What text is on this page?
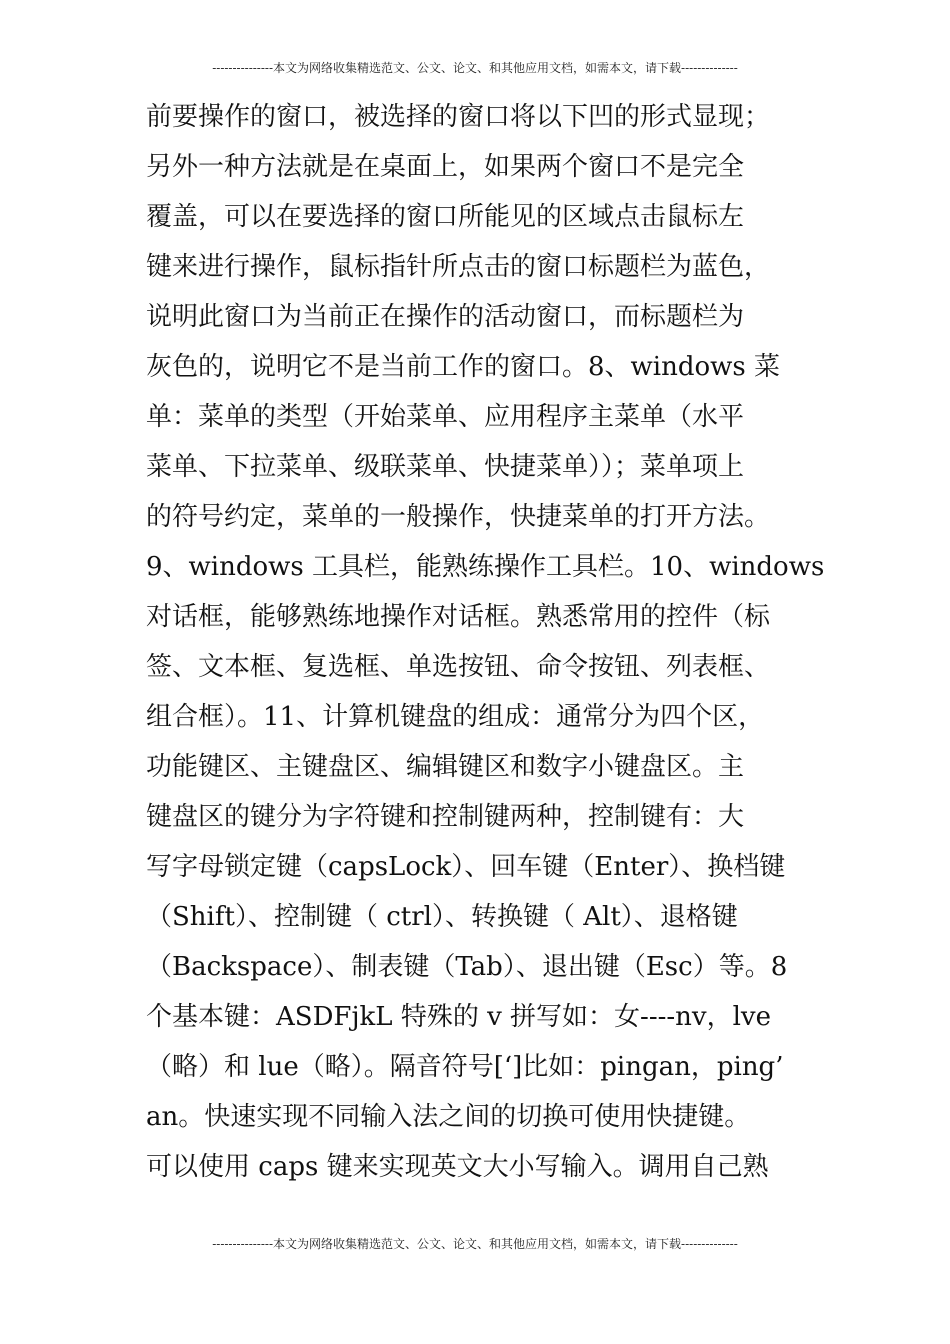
---------------本文为网络收集精选范文、公文、论文、和其他应用文档，如需本文，请下载--------------
前要操作的窗口，被选择的窗口将以下凹的形式显现；
另外一种方法就是在桌面上，如果两个窗口不是完全
覆盖，可以在要选择的窗口所能见的区域点击鼠标左
键来进行操作，鼠标指针所点击的窗口标题栏为蓝色，
说明此窗口为当前正在操作的活动窗口，而标题栏为
灰色的，说明它不是当前工作的窗口。8、windows 菜
单：菜单的类型（开始菜单、应用程序主菜单（水平
菜单、下拉菜单、级联菜单、快捷菜单））；菜单项上
的符号约定，菜单的一般操作，快捷菜单的打开方法。
9、windows 工具栏，能熟练操作工具栏。10、windows
对话框，能够熟练地操作对话框。熟悉常用的控件（标
签、文本框、复选框、单选按钮、命令按钮、列表框、
组合框）。11、计算机键盘的组成：通常分为四个区，
功能键区、主键盘区、编辑键区和数字小键盘区。主
键盘区的键分为字符键和控制键两种，控制键有：大
写字母锁定键（capsLock）、回车键（Enter）、换档键
（Shift）、控制键（ ctrl）、转换键（ Alt）、退格键
（Backspace）、制表键（Tab）、退出键（Esc）等。8
个基本键：ASDFjkL 特殊的 v 拼写如：女----nv，lve
（略）和 lue（略）。隔音符号[‘]比如：pingan，ping’
an。快速实现不同输入法之间的切换可使用快捷键。
可以使用 caps 键来实现英文大小写输入。调用自己熟
---------------本文为网络收集精选范文、公文、论文、和其他应用文档，如需本文，请下载--------------
